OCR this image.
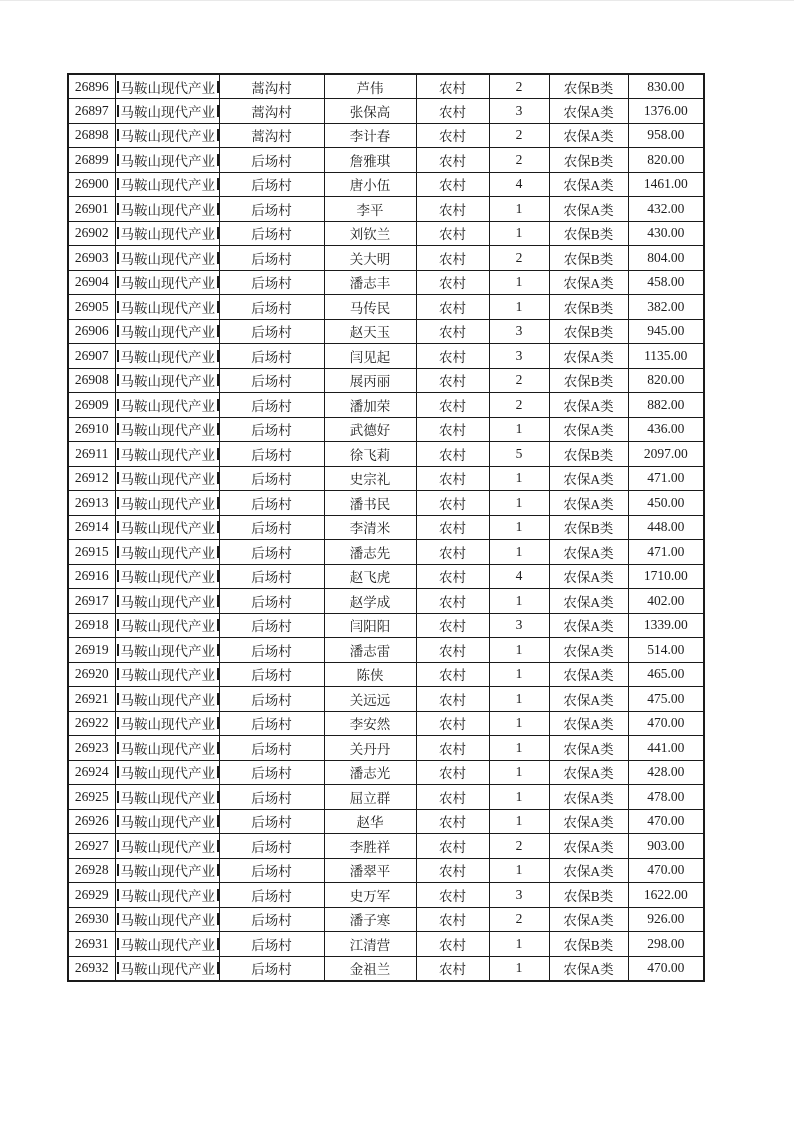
26896	马鞍山现代产业	蒿沟村	芦伟	农村	2	农保B类	830.00
26897	马鞍山现代产业	蒿沟村	张保高	农村	3	农保A类	1376.00
26898	马鞍山现代产业	蒿沟村	李计春	农村	2	农保A类	958.00
26899	马鞍山现代产业	后场村	詹雅琪	农村	2	农保B类	820.00
26900	马鞍山现代产业	后场村	唐小伍	农村	4	农保A类	1461.00
26901	马鞍山现代产业	后场村	李平	农村	1	农保A类	432.00
26902	马鞍山现代产业	后场村	刘钦兰	农村	1	农保B类	430.00
26903	马鞍山现代产业	后场村	关大明	农村	2	农保B类	804.00
26904	马鞍山现代产业	后场村	潘志丰	农村	1	农保A类	458.00
26905	马鞍山现代产业	后场村	马传民	农村	1	农保B类	382.00
26906	马鞍山现代产业	后场村	赵天玉	农村	3	农保B类	945.00
26907	马鞍山现代产业	后场村	闫见起	农村	3	农保A类	1135.00
26908	马鞍山现代产业	后场村	展丙丽	农村	2	农保B类	820.00
26909	马鞍山现代产业	后场村	潘加荣	农村	2	农保A类	882.00
26910	马鞍山现代产业	后场村	武德好	农村	1	农保A类	436.00
26911	马鞍山现代产业	后场村	徐飞莉	农村	5	农保B类	2097.00
26912	马鞍山现代产业	后场村	史宗礼	农村	1	农保A类	471.00
26913	马鞍山现代产业	后场村	潘书民	农村	1	农保A类	450.00
26914	马鞍山现代产业	后场村	李清米	农村	1	农保B类	448.00
26915	马鞍山现代产业	后场村	潘志先	农村	1	农保A类	471.00
26916	马鞍山现代产业	后场村	赵飞虎	农村	4	农保A类	1710.00
26917	马鞍山现代产业	后场村	赵学成	农村	1	农保A类	402.00
26918	马鞍山现代产业	后场村	闫阳阳	农村	3	农保A类	1339.00
26919	马鞍山现代产业	后场村	潘志雷	农村	1	农保A类	514.00
26920	马鞍山现代产业	后场村	陈侠	农村	1	农保A类	465.00
26921	马鞍山现代产业	后场村	关远远	农村	1	农保A类	475.00
26922	马鞍山现代产业	后场村	李安然	农村	1	农保A类	470.00
26923	马鞍山现代产业	后场村	关丹丹	农村	1	农保A类	441.00
26924	马鞍山现代产业	后场村	潘志光	农村	1	农保A类	428.00
26925	马鞍山现代产业	后场村	屈立群	农村	1	农保A类	478.00
26926	马鞍山现代产业	后场村	赵华	农村	1	农保A类	470.00
26927	马鞍山现代产业	后场村	李胜祥	农村	2	农保A类	903.00
26928	马鞍山现代产业	后场村	潘翠平	农村	1	农保A类	470.00
26929	马鞍山现代产业	后场村	史万军	农村	3	农保B类	1622.00
26930	马鞍山现代产业	后场村	潘子寒	农村	2	农保A类	926.00
26931	马鞍山现代产业	后场村	江清营	农村	1	农保B类	298.00
26932	马鞍山现代产业	后场村	金祖兰	农村	1	农保A类	470.00
